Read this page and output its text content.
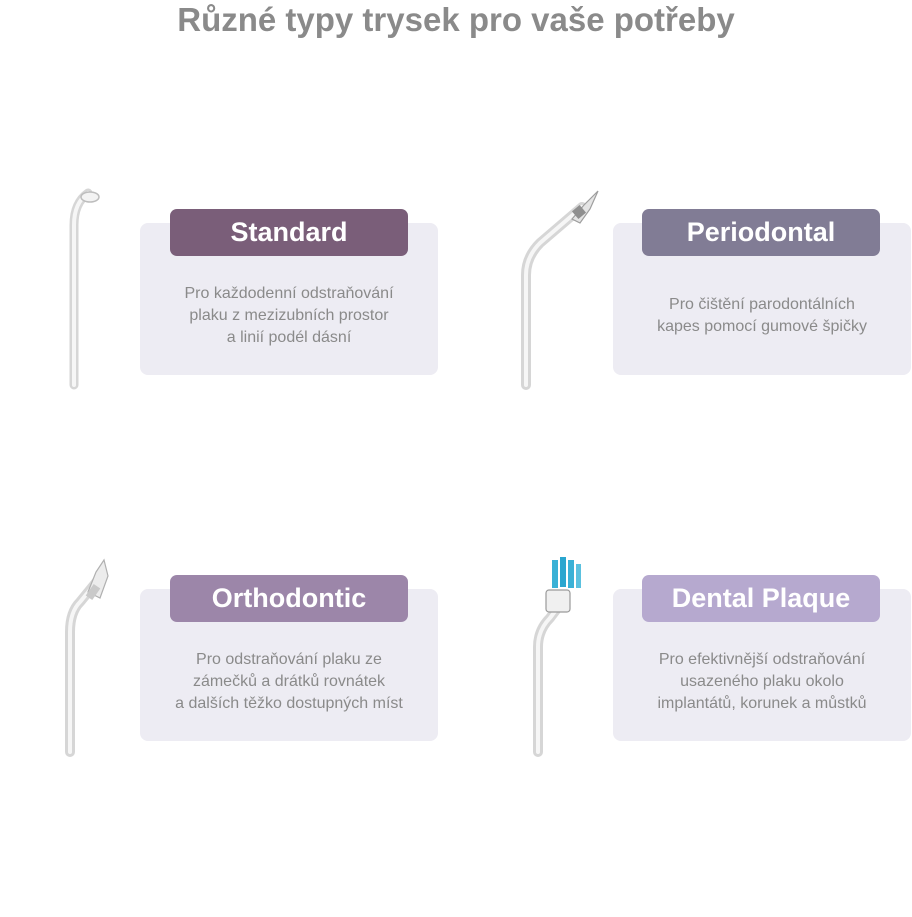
Různé typy trysek pro vaše potřeby
Pro každodenní odstraňování
plaku z mezizubních prostor
a linií podél dásní
Standard
Pro čištění parodontálních
kapes pomocí gumové špičky
Periodontal
Pro odstraňování plaku ze
zámečků a drátků rovnátek
a dalších těžko dostupných míst
Orthodontic
Pro efektivnější odstraňování
usazeného plaku okolo
implantátů, korunek a můstků
Dental Plaque
